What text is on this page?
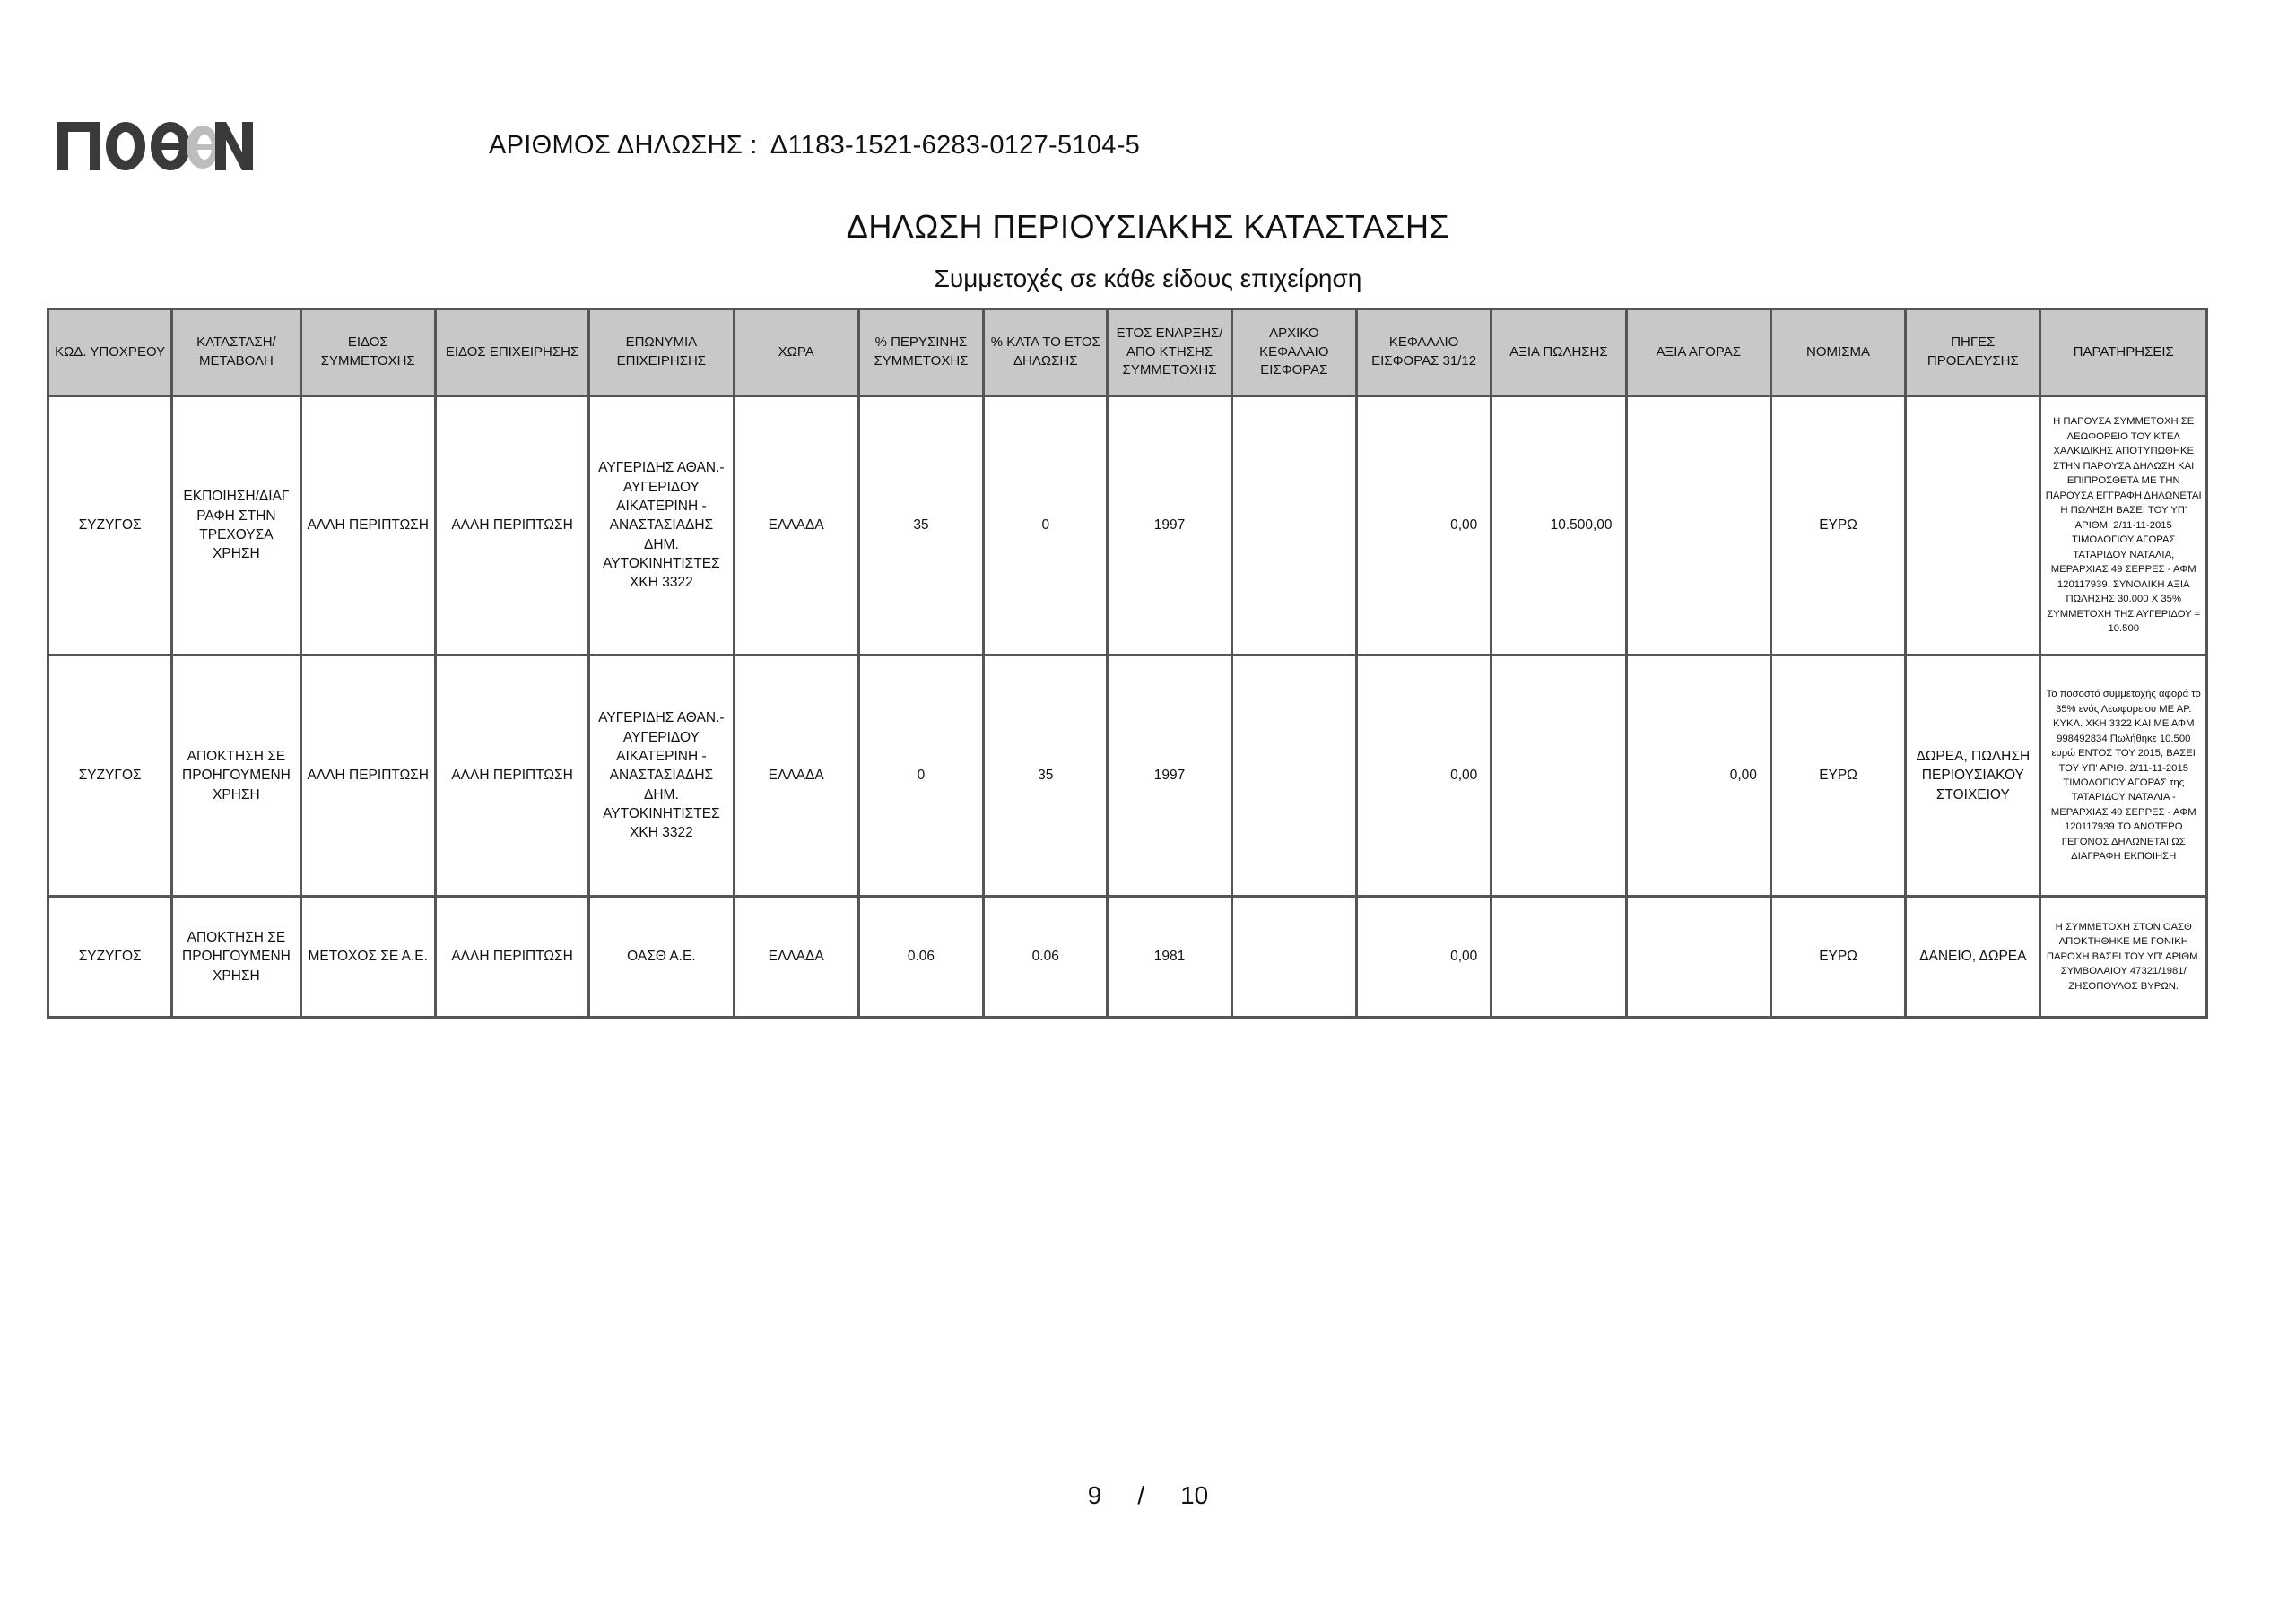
ΑΡΙΘΜΟΣ ΔΗΛΩΣΗΣ : Δ1183-1521-6283-0127-5104-5
ΔΗΛΩΣΗ ΠΕΡΙΟΥΣΙΑΚΗΣ ΚΑΤΑΣΤΑΣΗΣ
Συμμετοχές σε κάθε είδους επιχείρηση
ΚΩΔ. ΥΠΟΧΡΕΟΥ	ΚΑΤΑΣΤΑΣΗ/ ΜΕΤΑΒΟΛΗ	ΕΙΔΟΣ ΣΥΜΜΕΤΟΧΗΣ	ΕΙΔΟΣ ΕΠΙΧΕΙΡΗΣΗΣ	ΕΠΩΝΥΜΙΑ ΕΠΙΧΕΙΡΗΣΗΣ	ΧΩΡΑ	% ΠΕΡΥΣΙΝΗΣ ΣΥΜΜΕΤΟΧΗΣ	% ΚΑΤΑ ΤΟ ΕΤΟΣ ΔΗΛΩΣΗΣ	ΕΤΟΣ ΕΝΑΡΞΗΣ/ΑΠΟ ΚΤΗΣΗΣ ΣΥΜΜΕΤΟΧΗΣ	ΑΡΧΙΚΟ ΚΕΦΑΛΑΙΟ ΕΙΣΦΟΡΑΣ	ΚΕΦΑΛΑΙΟ ΕΙΣΦΟΡΑΣ 31/12	ΑΞΙΑ ΠΩΛΗΣΗΣ	ΑΞΙΑ ΑΓΟΡΑΣ	ΝΟΜΙΣΜΑ	ΠΗΓΕΣ ΠΡΟΕΛΕΥΣΗΣ	ΠΑΡΑΤΗΡΗΣΕΙΣ
ΣΥΖΥΓΟΣ	ΕΚΠΟΙΗΣΗ/ΔΙΑΓ ΡΑΦΗ ΣΤΗΝ ΤΡΕΧΟΥΣΑ ΧΡΗΣΗ	ΑΛΛΗ ΠΕΡΙΠΤΩΣΗ	ΑΛΛΗ ΠΕΡΙΠΤΩΣΗ	ΑΥΓΕΡΙΔΗΣ ΑΘΑΝ.-ΑΥΓΕΡΙΔΟΥ ΑΙΚΑΤΕΡΙΝΗ - ΑΝΑΣΤΑΣΙΑΔΗΣ ΔΗΜ. ΑΥΤΟΚΙΝΗΤΙΣΤΕΣ ΧΚΗ 3322	ΕΛΛΑΔΑ	35	0	1997		0,00	10.500,00		ΕΥΡΩ		Η ΠΑΡΟΥΣΑ ΣΥΜΜΕΤΟΧΗ ΣΕ ΛΕΩΦΟΡΕΙΟ ΤΟΥ ΚΤΕΛ ΧΑΛΚΙΔΙΚΗΣ ΑΠΟΤΥΠΩΘΗΚΕ ΣΤΗΝ ΠΑΡΟΥΣΑ ΔΗΛΩΣΗ ΚΑΙ ΕΠΙΠΡΟΣΘΕΤΑ ΜΕ ΤΗΝ ΠΑΡΟΥΣΑ ΕΓΓΡΑΦΗ ΔΗΛΩΝΕΤΑΙ Η ΠΩΛΗΣΗ ΒΑΣΕΙ ΤΟΥ ΥΠ' ΑΡΙΘΜ. 2/11-11-2015 ΤΙΜΟΛΟΓΙΟΥ ΑΓΟΡΑΣ ΤΑΤΑΡΙΔΟΥ ΝΑΤΑΛΙΑ, ΜΕΡΑΡΧΙΑΣ 49 ΣΕΡΡΕΣ - ΑΦΜ 120117939. ΣΥΝΟΛΙΚΗ ΑΞΙΑ ΠΩΛΗΣΗΣ 30.000 Χ 35% ΣΥΜΜΕΤΟΧΗ ΤΗΣ ΑΥΓΕΡΙΔΟΥ = 10.500
ΣΥΖΥΓΟΣ	ΑΠΟΚΤΗΣΗ ΣΕ ΠΡΟΗΓΟΥΜΕΝΗ ΧΡΗΣΗ	ΑΛΛΗ ΠΕΡΙΠΤΩΣΗ	ΑΛΛΗ ΠΕΡΙΠΤΩΣΗ	ΑΥΓΕΡΙΔΗΣ ΑΘΑΝ.-ΑΥΓΕΡΙΔΟΥ ΑΙΚΑΤΕΡΙΝΗ - ΑΝΑΣΤΑΣΙΑΔΗΣ ΔΗΜ. ΑΥΤΟΚΙΝΗΤΙΣΤΕΣ ΧΚΗ 3322	ΕΛΛΑΔΑ	0	35	1997		0,00		0,00	ΕΥΡΩ	ΔΩΡΕΑ, ΠΩΛΗΣΗ ΠΕΡΙΟΥΣΙΑΚΟΥ ΣΤΟΙΧΕΙΟΥ	Το ποσοστό συμμετοχής αφορά το 35% ενός Λεωφορείου ΜΕ ΑΡ. ΚΥΚΛ. ΧΚΗ 3322 ΚΑΙ ΜΕ ΑΦΜ 998492834 Πωλήθηκε 10.500 ευρώ ΕΝΤΟΣ ΤΟΥ 2015, ΒΑΣΕΙ ΤΟΥ ΥΠ' ΑΡΙΘ. 2/11-11-2015 ΤΙΜΟΛΟΓΙΟΥ ΑΓΟΡΑΣ της ΤΑΤΑΡΙΔΟΥ ΝΑΤΑΛΙΑ - ΜΕΡΑΡΧΙΑΣ 49 ΣΕΡΡΕΣ - ΑΦΜ 120117939 ΤΟ ΑΝΩΤΕΡΟ ΓΕΓΟΝΟΣ ΔΗΛΩΝΕΤΑΙ ΩΣ ΔΙΑΓΡΑΦΗ ΕΚΠΟΙΗΣΗ
ΣΥΖΥΓΟΣ	ΑΠΟΚΤΗΣΗ ΣΕ ΠΡΟΗΓΟΥΜΕΝΗ ΧΡΗΣΗ	ΜΕΤΟΧΟΣ ΣΕ Α.Ε.	ΑΛΛΗ ΠΕΡΙΠΤΩΣΗ	ΟΑΣΘ Α.Ε.	ΕΛΛΑΔΑ	0.06	0.06	1981		0,00			ΕΥΡΩ	ΔΑΝΕΙΟ, ΔΩΡΕΑ	Η ΣΥΜΜΕΤΟΧΗ ΣΤΟΝ ΟΑΣΘ ΑΠΟΚΤΗΘΗΚΕ ΜΕ ΓΟΝΙΚΗ ΠΑΡΟΧΗ ΒΑΣΕΙ ΤΟΥ ΥΠ' ΑΡΙΘΜ. ΣΥΜΒΟΛΑΙΟΥ 47321/1981/ΖΗΣΟΠΟΥΛΟΣ ΒΥΡΩΝ.
9 / 10
